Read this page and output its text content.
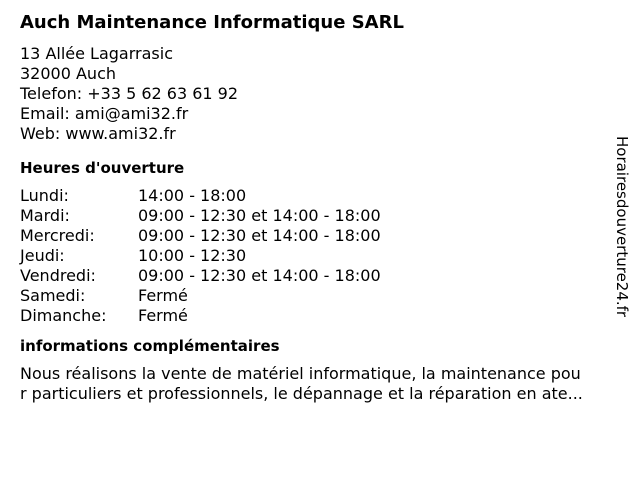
Auch Maintenance Informatique SARL
13 Allée Lagarrasic
32000 Auch
Telefon: +33 5 62 63 61 92
Email: ami@ami32.fr
Web: www.ami32.fr
Heures d'ouverture
Lundi:	14:00 - 18:00
Mardi:	09:00 - 12:30 et 14:00 - 18:00
Mercredi:	09:00 - 12:30 et 14:00 - 18:00
Jeudi:	10:00 - 12:30
Vendredi:	09:00 - 12:30 et 14:00 - 18:00
Samedi:	Fermé
Dimanche: Fermé
informations complémentaires
Nous réalisons la vente de matériel informatique, la maintenance pou
r particuliers et professionnels, le dépannage et la réparation en ate...
Horairesdouverture24.fr
